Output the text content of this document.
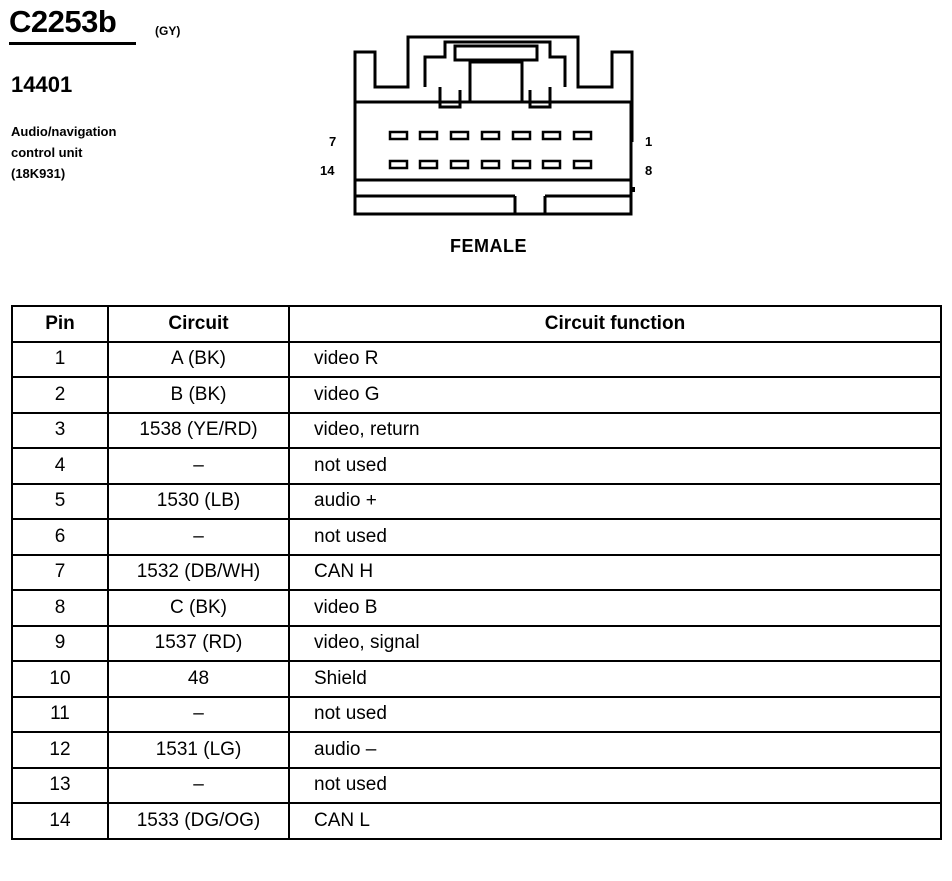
C2253b	(GY)
14401
Audio/navigation
control unit
(18K931)
7	1
14	8
FEMALE
Pin	Circuit	Circuit function
1	A (BK)	video R
2	B (BK)	video G
3	1538 (YE/RD)	video, return
4	–	not used
5	1530 (LB)	audio +
6	–	not used
7	1532 (DB/WH)	CAN H
8	C (BK)	video B
9	1537 (RD)	video, signal
10	48	Shield
11	–	not used
12	1531 (LG)	audio –
13	–	not used
14	1533 (DG/OG)	CAN L
